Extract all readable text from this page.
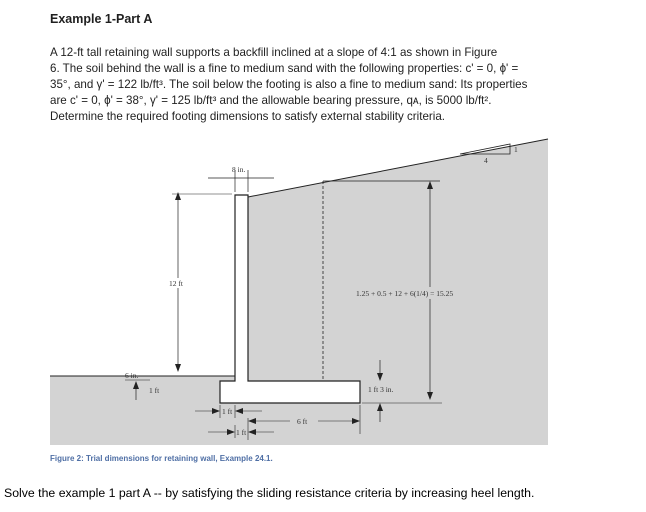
Example 1-Part A

A 12-ft tall retaining wall supports a backfill inclined at a slope of 4:1 as shown in Figure
6. The soil behind the wall is a fine to medium sand with the following properties: c' = 0, ϕ' =
35°, and γ' = 122 lb/ft³. The soil below the footing is also a fine to medium sand: Its properties
are c' = 0, ϕ' = 38°, γ' = 125 lb/ft³ and the allowable bearing pressure, qᴀ, is 5000 lb/ft².
Determine the required footing dimensions to satisfy external stability criteria.

1
4
8 in.
12 ft
1.25 + 0.5 + 12 + 6(1/4) = 15.25
1 ft 3 in.
6 in.
1 ft
1 ft
6 ft
1 ft
Figure 2: Trial dimensions for retaining wall, Example 24.1.
Solve the example 1 part A -- by satisfying the sliding resistance criteria by increasing heel length.
